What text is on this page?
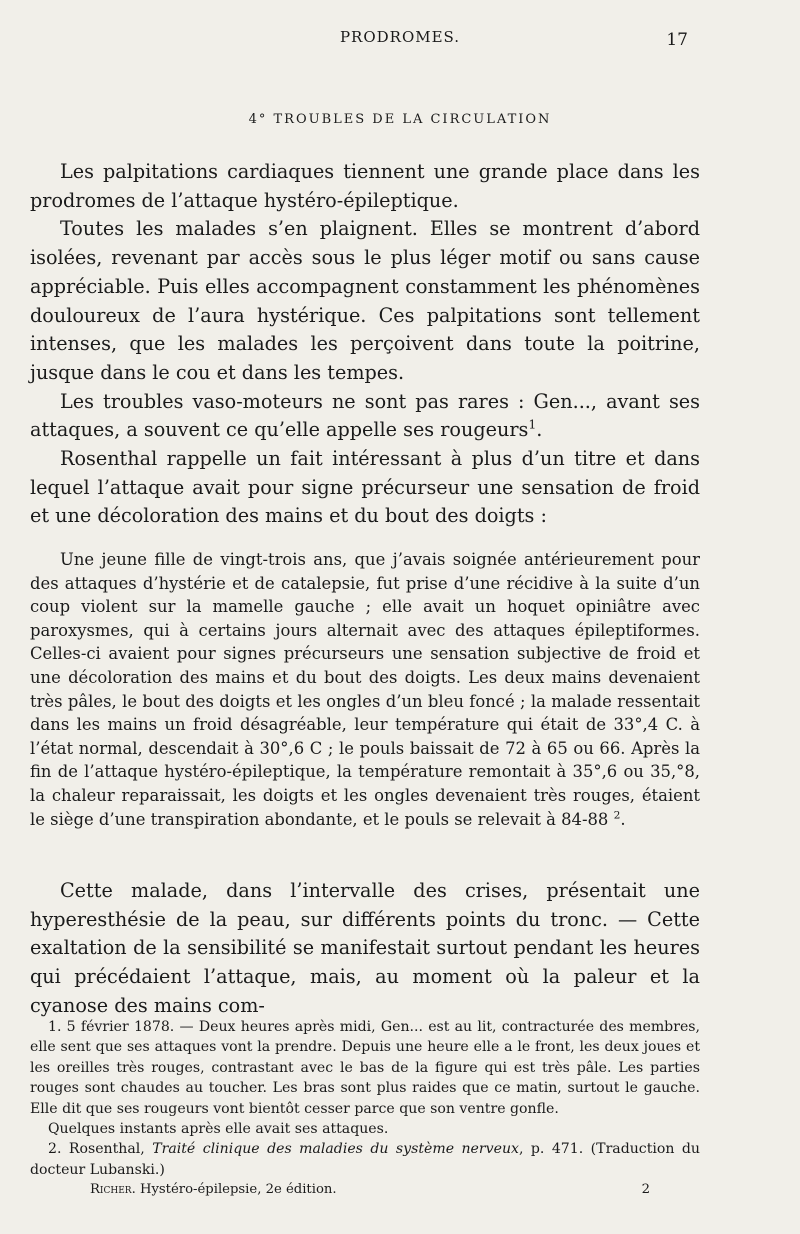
PRODROMES.	17
4° TROUBLES DE LA CIRCULATION

Les palpitations cardiaques tiennent une grande place dans les prodromes de l’attaque hystéro-épileptique.

Toutes les malades s’en plaignent. Elles se montrent d’abord isolées, revenant par accès sous le plus léger motif ou sans cause appréciable. Puis elles accompagnent constamment les phénomènes douloureux de l’aura hystérique. Ces palpitations sont tellement intenses, que les malades les perçoivent dans toute la poitrine, jusque dans le cou et dans les tempes.

Les troubles vaso-moteurs ne sont pas rares : Gen..., avant ses attaques, a souvent ce qu’elle appelle ses rougeurs$^1$.

Rosenthal rappelle un fait intéressant à plus d’un titre et dans lequel l’attaque avait pour signe précurseur une sensation de froid et une décoloration des mains et du bout des doigts :

Une jeune fille de vingt-trois ans, que j’avais soignée antérieurement pour des attaques d’hystérie et de catalepsie, fut prise d’une récidive à la suite d’un coup violent sur la mamelle gauche ; elle avait un hoquet opiniâtre avec paroxysmes, qui à certains jours alternait avec des attaques épileptiformes. Celles-ci avaient pour signes précurseurs une sensation subjective de froid et une décoloration des mains et du bout des doigts. Les deux mains devenaient très pâles, le bout des doigts et les ongles d’un bleu foncé ; la malade ressentait dans les mains un froid désagréable, leur température qui était de 33°,4 C. à l’état normal, descendait à 30°,6 C ; le pouls baissait de 72 à 65 ou 66. Après la fin de l’attaque hystéro-épileptique, la température remontait à 35°,6 ou 35,°8, la chaleur reparaissait, les doigts et les ongles devenaient très rouges, étaient le siège d’une transpiration abondante, et le pouls se relevait à 84-88 $^2$.

Cette malade, dans l’intervalle des crises, présentait une hyperesthésie de la peau, sur différents points du tronc. — Cette exaltation de la sensibilité se manifestait surtout pendant les heures qui précédaient l’attaque, mais, au moment où la paleur et la cyanose des mains com-

1. 5 février 1878. — Deux heures après midi, Gen... est au lit, contracturée des membres, elle sent que ses attaques vont la prendre. Depuis une heure elle a le front, les deux joues et les oreilles très rouges, contrastant avec le bas de la figure qui est très pâle. Les parties rouges sont chaudes au toucher. Les bras sont plus raides que ce matin, surtout le gauche. Elle dit que ses rougeurs vont bientôt cesser parce que son ventre gonfle.

Quelques instants après elle avait ses attaques.

2. Rosenthal, Traité clinique des maladies du système nerveux, p. 471. (Traduction du docteur Lubanski.)

Richer. Hystéro-épilepsie, 2e édition.	2
